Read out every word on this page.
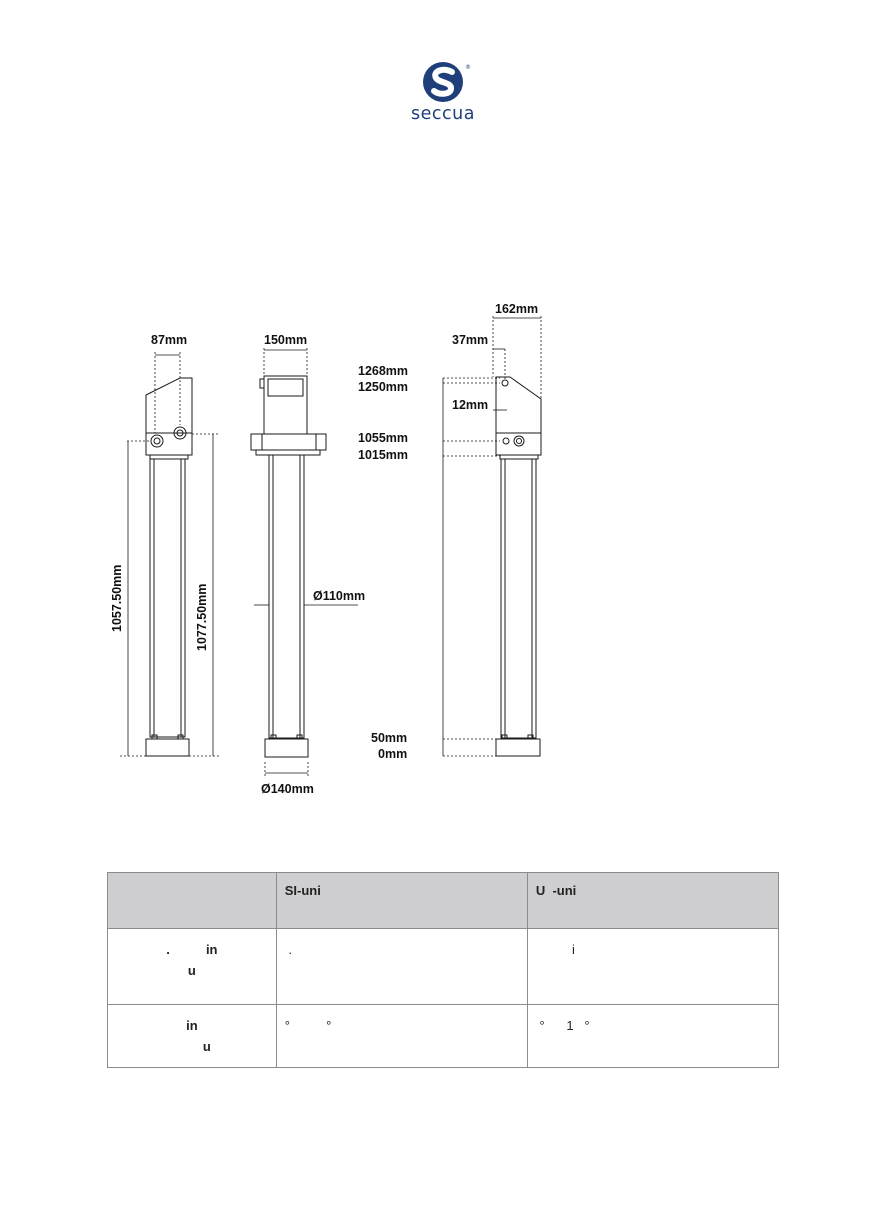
®
seccua
87mm
1057.50mm	1077.50mm
150mm
Ø110mm
Ø140mm
162mm
37mm
12mm
1268mm
1250mm
1055mm
1015mm
50mm
0mm
	SI-uni	U  -uni

.          in
u	.	i

in
u	°          °	°      1   °
